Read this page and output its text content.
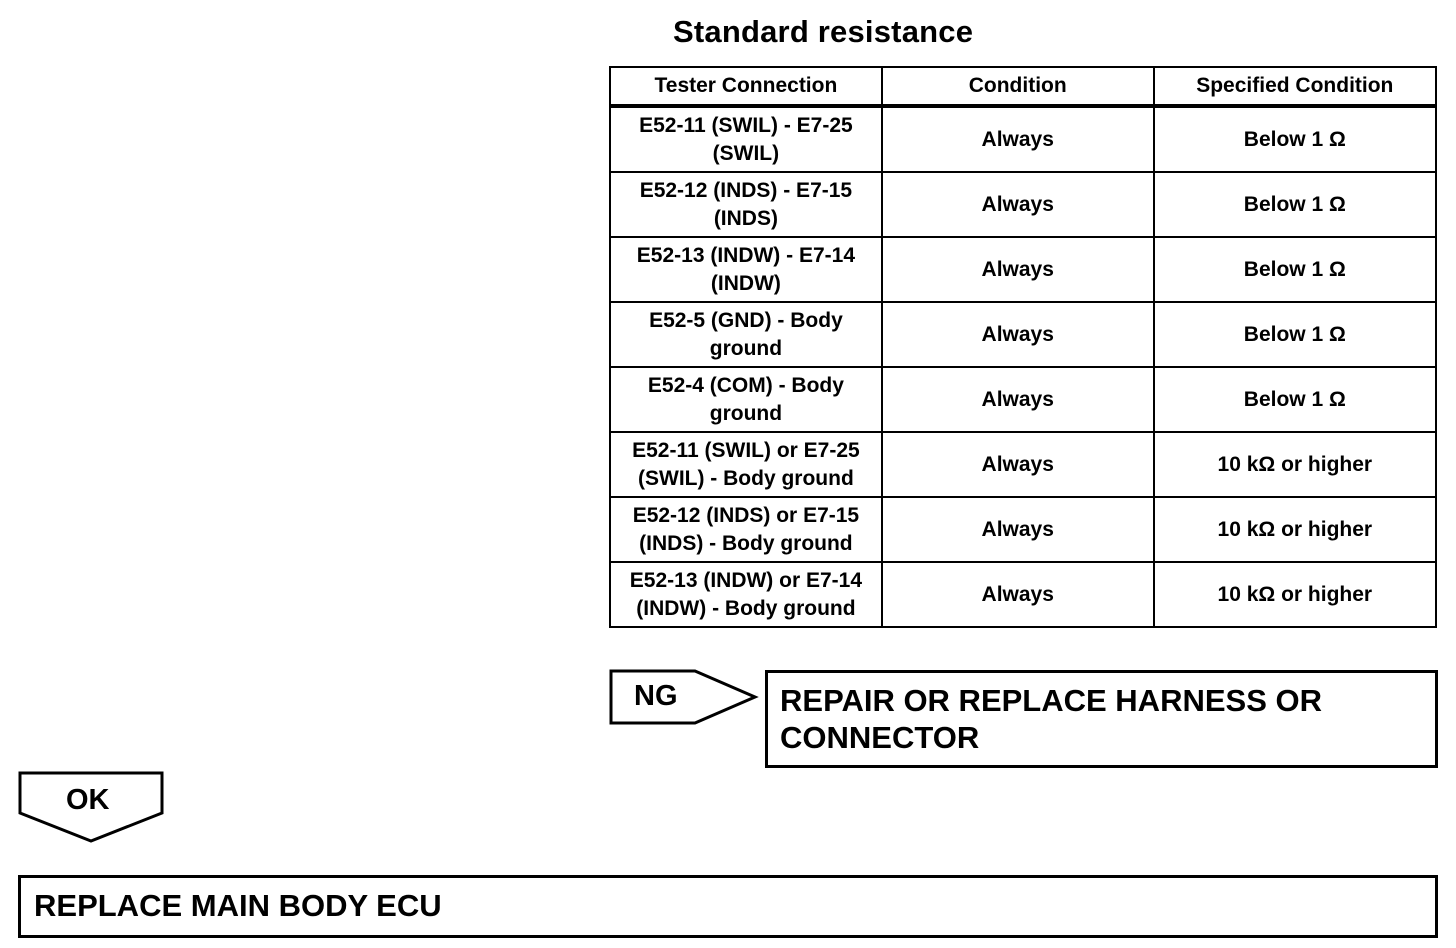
Standard resistance
Tester Connection	Condition	Specified Condition
E52-11 (SWIL) - E7-25
(SWIL)	Always	Below 1 Ω
E52-12 (INDS) - E7-15
(INDS)	Always	Below 1 Ω
E52-13 (INDW) - E7-14
(INDW)	Always	Below 1 Ω
E52-5 (GND) - Body
ground	Always	Below 1 Ω
E52-4 (COM) - Body
ground	Always	Below 1 Ω
E52-11 (SWIL) or E7-25
(SWIL) - Body ground	Always	10 kΩ or higher
E52-12 (INDS) or E7-15
(INDS) - Body ground	Always	10 kΩ or higher
E52-13 (INDW) or E7-14
(INDW) - Body ground	Always	10 kΩ or higher
NG	REPAIR OR REPLACE HARNESS OR
CONNECTOR
OK
REPLACE MAIN BODY ECU
